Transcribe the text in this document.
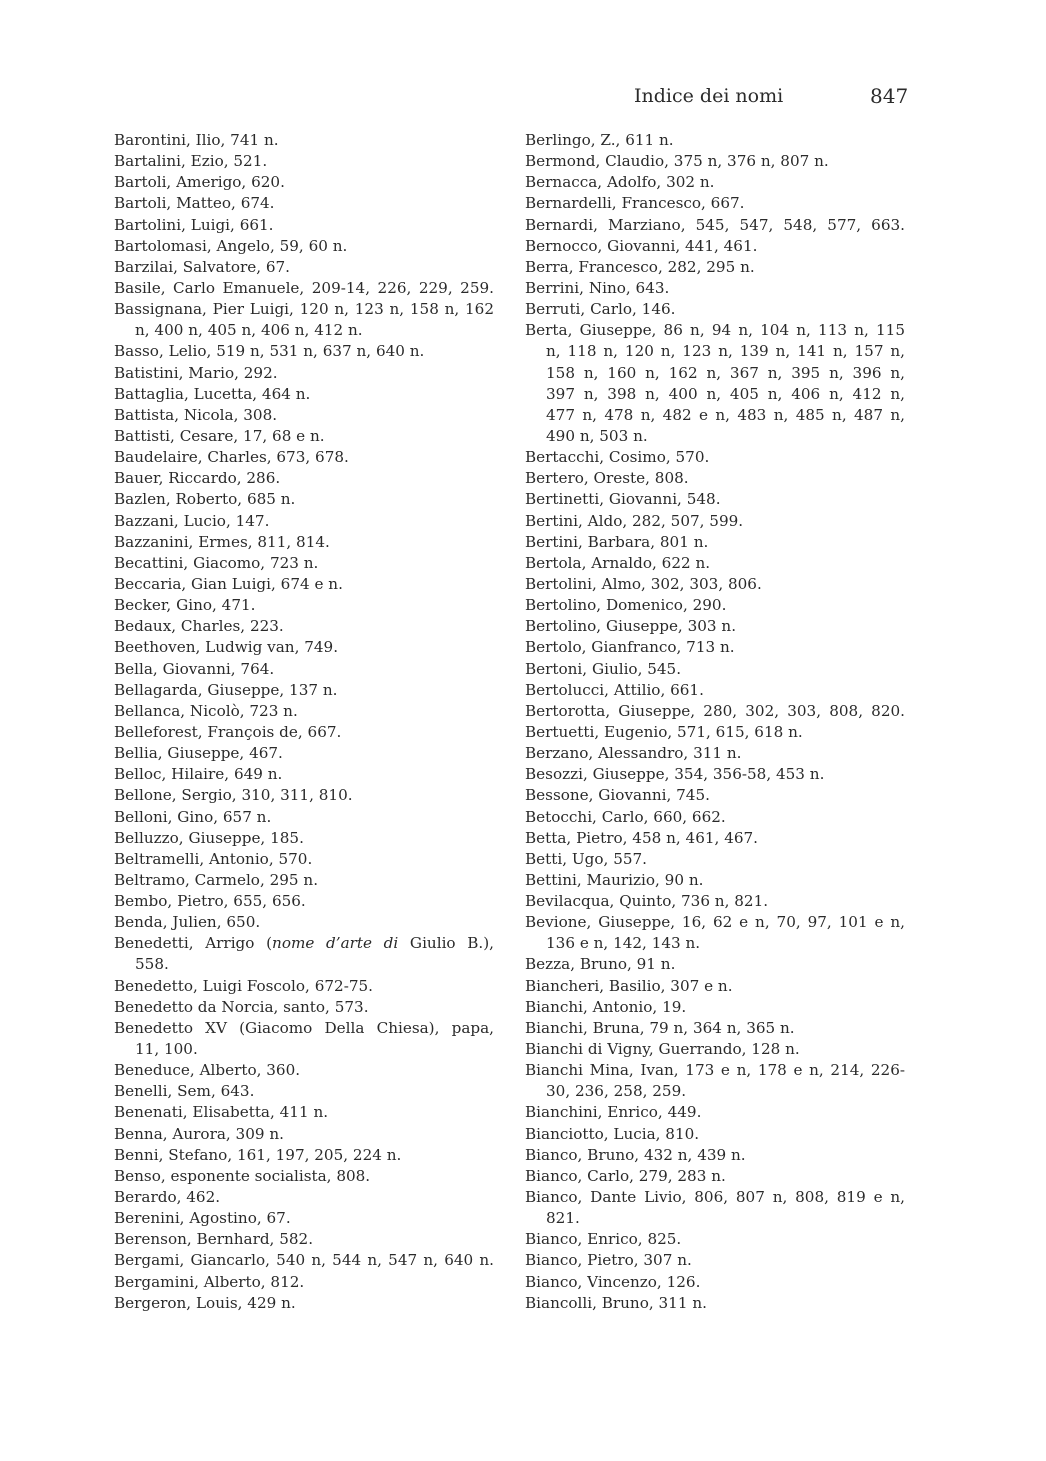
Indice dei nomi	847
Barontini, Ilio, 741 n.
Bartalini, Ezio, 521.
Bartoli, Amerigo, 620.
Bartoli, Matteo, 674.
Bartolini, Luigi, 661.
Bartolomasi, Angelo, 59, 60 n.
Barzilai, Salvatore, 67.
Basile, Carlo Emanuele, 209-14, 226, 229, 259.
Bassignana, Pier Luigi, 120 n, 123 n, 158 n, 162
n, 400 n, 405 n, 406 n, 412 n.
Basso, Lelio, 519 n, 531 n, 637 n, 640 n.
Batistini, Mario, 292.
Battaglia, Lucetta, 464 n.
Battista, Nicola, 308.
Battisti, Cesare, 17, 68 e n.
Baudelaire, Charles, 673, 678.
Bauer, Riccardo, 286.
Bazlen, Roberto, 685 n.
Bazzani, Lucio, 147.
Bazzanini, Ermes, 811, 814.
Becattini, Giacomo, 723 n.
Beccaria, Gian Luigi, 674 e n.
Becker, Gino, 471.
Bedaux, Charles, 223.
Beethoven, Ludwig van, 749.
Bella, Giovanni, 764.
Bellagarda, Giuseppe, 137 n.
Bellanca, Nicolò, 723 n.
Belleforest, François de, 667.
Bellia, Giuseppe, 467.
Belloc, Hilaire, 649 n.
Bellone, Sergio, 310, 311, 810.
Belloni, Gino, 657 n.
Belluzzo, Giuseppe, 185.
Beltramelli, Antonio, 570.
Beltramo, Carmelo, 295 n.
Bembo, Pietro, 655, 656.
Benda, Julien, 650.
Benedetti, Arrigo (nome d’arte di Giulio B.),
558.
Benedetto, Luigi Foscolo, 672-75.
Benedetto da Norcia, santo, 573.
Benedetto XV (Giacomo Della Chiesa), papa,
11, 100.
Beneduce, Alberto, 360.
Benelli, Sem, 643.
Benenati, Elisabetta, 411 n.
Benna, Aurora, 309 n.
Benni, Stefano, 161, 197, 205, 224 n.
Benso, esponente socialista, 808.
Berardo, 462.
Berenini, Agostino, 67.
Berenson, Bernhard, 582.
Bergami, Giancarlo, 540 n, 544 n, 547 n, 640 n.
Bergamini, Alberto, 812.
Bergeron, Louis, 429 n.
Berlingo, Z., 611 n.
Bermond, Claudio, 375 n, 376 n, 807 n.
Bernacca, Adolfo, 302 n.
Bernardelli, Francesco, 667.
Bernardi, Marziano, 545, 547, 548, 577, 663.
Bernocco, Giovanni, 441, 461.
Berra, Francesco, 282, 295 n.
Berrini, Nino, 643.
Berruti, Carlo, 146.
Berta, Giuseppe, 86 n, 94 n, 104 n, 113 n, 115
n, 118 n, 120 n, 123 n, 139 n, 141 n, 157 n,
158 n, 160 n, 162 n, 367 n, 395 n, 396 n,
397 n, 398 n, 400 n, 405 n, 406 n, 412 n,
477 n, 478 n, 482 e n, 483 n, 485 n, 487 n,
490 n, 503 n.
Bertacchi, Cosimo, 570.
Bertero, Oreste, 808.
Bertinetti, Giovanni, 548.
Bertini, Aldo, 282, 507, 599.
Bertini, Barbara, 801 n.
Bertola, Arnaldo, 622 n.
Bertolini, Almo, 302, 303, 806.
Bertolino, Domenico, 290.
Bertolino, Giuseppe, 303 n.
Bertolo, Gianfranco, 713 n.
Bertoni, Giulio, 545.
Bertolucci, Attilio, 661.
Bertorotta, Giuseppe, 280, 302, 303, 808, 820.
Bertuetti, Eugenio, 571, 615, 618 n.
Berzano, Alessandro, 311 n.
Besozzi, Giuseppe, 354, 356-58, 453 n.
Bessone, Giovanni, 745.
Betocchi, Carlo, 660, 662.
Betta, Pietro, 458 n, 461, 467.
Betti, Ugo, 557.
Bettini, Maurizio, 90 n.
Bevilacqua, Quinto, 736 n, 821.
Bevione, Giuseppe, 16, 62 e n, 70, 97, 101 e n,
136 e n, 142, 143 n.
Bezza, Bruno, 91 n.
Biancheri, Basilio, 307 e n.
Bianchi, Antonio, 19.
Bianchi, Bruna, 79 n, 364 n, 365 n.
Bianchi di Vigny, Guerrando, 128 n.
Bianchi Mina, Ivan, 173 e n, 178 e n, 214, 226-
30, 236, 258, 259.
Bianchini, Enrico, 449.
Bianciotto, Lucia, 810.
Bianco, Bruno, 432 n, 439 n.
Bianco, Carlo, 279, 283 n.
Bianco, Dante Livio, 806, 807 n, 808, 819 e n,
821.
Bianco, Enrico, 825.
Bianco, Pietro, 307 n.
Bianco, Vincenzo, 126.
Biancolli, Bruno, 311 n.
